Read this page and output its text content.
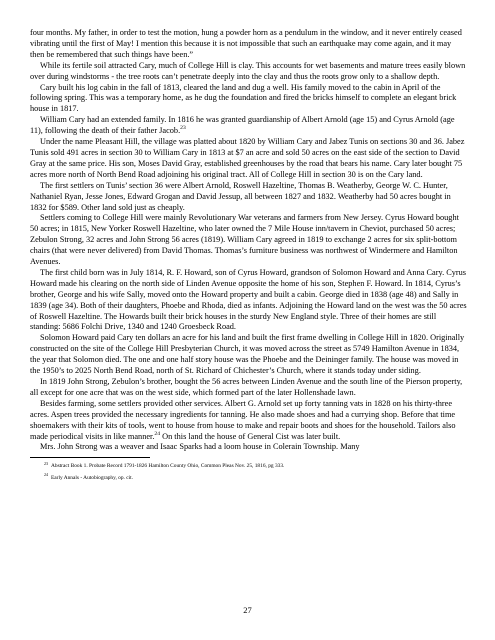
four months. My father, in order to test the motion, hung a powder horn as a pendulum in the window, and it never entirely ceased vibrating until the first of May! I mention this because it is not impossible that such an earthquake may come again, and it may then be remembered that such things have been.”

While its fertile soil attracted Cary, much of College Hill is clay. This accounts for wet basements and mature trees easily blown over during windstorms - the tree roots can’t penetrate deeply into the clay and thus the roots grow only to a shallow depth.

Cary built his log cabin in the fall of 1813, cleared the land and dug a well. His family moved to the cabin in April of the following spring. This was a temporary home, as he dug the foundation and fired the bricks himself to complete an elegant brick house in 1817.

William Cary had an extended family. In 1816 he was granted guardianship of Albert Arnold (age 15) and Cyrus Arnold (age 11), following the death of their father Jacob.$^{23}$

Under the name Pleasant Hill, the village was platted about 1820 by William Cary and Jabez Tunis on sections 30 and 36. Jabez Tunis sold 491 acres in section 30 to William Cary in 1813 at $7 an acre and sold 50 acres on the east side of the section to David Gray at the same price. His son, Moses David Gray, established greenhouses by the road that bears his name. Cary later bought 75 acres more north of North Bend Road adjoining his original tract. All of College Hill in section 30 is on the Cary land.

The first settlers on Tunis’ section 36 were Albert Arnold, Roswell Hazeltine, Thomas B. Weatherby, George W. C. Hunter, Nathaniel Ryan, Jesse Jones, Edward Grogan and David Jessup, all between 1827 and 1832. Weatherby had 50 acres bought in 1832 for $589. Other land sold just as cheaply.

Settlers coming to College Hill were mainly Revolutionary War veterans and farmers from New Jersey. Cyrus Howard bought 50 acres; in 1815, New Yorker Roswell Hazeltine, who later owned the 7 Mile House inn/tavern in Cheviot, purchased 50 acres; Zebulon Strong, 32 acres and John Strong 56 acres (1819). William Cary agreed in 1819 to exchange 2 acres for six split-bottom chairs (that were never delivered) from David Thomas. Thomas’s furniture business was northwest of Windermere and Hamilton Avenues.

The first child born was in July 1814, R. F. Howard, son of Cyrus Howard, grandson of Solomon Howard and Anna Cary. Cyrus Howard made his clearing on the north side of Linden Avenue opposite the home of his son, Stephen F. Howard. In 1814, Cyrus’s brother, George and his wife Sally, moved onto the Howard property and built a cabin. George died in 1838 (age 48) and Sally in 1839 (age 34). Both of their daughters, Phoebe and Rhoda, died as infants. Adjoining the Howard land on the west was the 50 acres of Roswell Hazeltine. The Howards built their brick houses in the sturdy New England style. Three of their homes are still standing: 5686 Folchi Drive, 1340 and 1240 Groesbeck Road.

Solomon Howard paid Cary ten dollars an acre for his land and built the first frame dwelling in College Hill in 1820. Originally constructed on the site of the College Hill Presbyterian Church, it was moved across the street as 5749 Hamilton Avenue in 1834, the year that Solomon died. The one and one half story house was the Phoebe and the Deininger family. The house was moved in the 1950’s to 2025 North Bend Road, north of St. Richard of Chichester’s Church, where it stands today under siding.

In 1819 John Strong, Zebulon’s brother, bought the 56 acres between Linden Avenue and the south line of the Pierson property, all except for one acre that was on the west side, which formed part of the later Hollenshade lawn.

Besides farming, some settlers provided other services. Albert G. Arnold set up forty tanning vats in 1828 on his thirty-three acres. Aspen trees provided the necessary ingredients for tanning. He also made shoes and had a currying shop. Before that time shoemakers with their kits of tools, went to house from house to make and repair boots and shoes for the household. Tailors also made periodical visits in like manner.$^{24}$ On this land the house of General Cist was later built.

Mrs. John Strong was a weaver and Isaac Sparks had a loom house in Colerain Township. Many

$^{23}$Abstract Book 1. Probate Record 1791-1826 Hamilton County Ohio, Common Pleas Nov. 25, 1816, pg 333.

$^{24}$Early Annals - Autobiography, op. cit.

27
